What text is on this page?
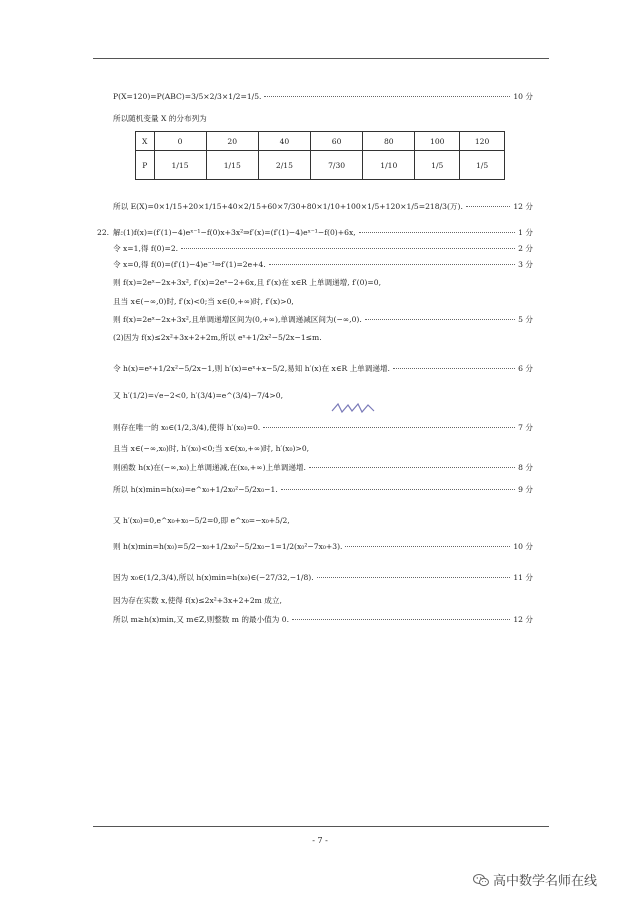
P(X=120)=P(ABC)=3/5×2/3×1/2=1/5.	10 分
所以随机变量 X 的分布列为
X	0	20	40	60	80	100	120
P	1/15	1/15	2/15	7/30	1/10	1/5	1/5
所以 E(X)=0×1/15+20×1/15+40×2/15+60×7/30+80×1/10+100×1/5+120×1/5=218/3(万).	12 分
22. 解:(1)f(x)=(f′(1)−4)eˣ⁻¹−f(0)x+3x²⇒f′(x)=(f′(1)−4)eˣ⁻¹−f(0)+6x,	1 分
令 x=1,得 f(0)=2.	2 分
令 x=0,得 f(0)=(f′(1)−4)e⁻¹⇒f′(1)=2e+4.	3 分
则 f(x)=2eˣ−2x+3x², f′(x)=2eˣ−2+6x,且 f′(x)在 x∈R 上单调递增, f′(0)=0,
且当 x∈(−∞,0)时, f′(x)<0;当 x∈(0,+∞)时, f′(x)>0,
则 f(x)=2eˣ−2x+3x²,且单调递增区间为(0,+∞),单调递减区间为(−∞,0).	5 分
(2)因为 f(x)≤2x²+3x+2+2m,所以 eˣ+1/2x²−5/2x−1≤m.
令 h(x)=eˣ+1/2x²−5/2x−1,则 h′(x)=eˣ+x−5/2,易知 h′(x)在 x∈R 上单调递增.	6 分
又 h′(1/2)=√e−2<0, h′(3/4)=e^(3/4)−7/4>0,
则存在唯一的 x₀∈(1/2,3/4),使得 h′(x₀)=0.	7 分
且当 x∈(−∞,x₀)时, h′(x₀)<0;当 x∈(x₀,+∞)时, h′(x₀)>0,
则函数 h(x)在(−∞,x₀)上单调递减,在(x₀,+∞)上单调递增.	8 分
所以 h(x)min=h(x₀)=e^x₀+1/2x₀²−5/2x₀−1.	9 分
又 h′(x₀)=0,e^x₀+x₀−5/2=0,即 e^x₀=−x₀+5/2,
则 h(x)min=h(x₀)=5/2−x₀+1/2x₀²−5/2x₀−1=1/2(x₀²−7x₀+3).	10 分
因为 x₀∈(1/2,3/4),所以 h(x)min=h(x₀)∈(−27/32,−1/8).	11 分
因为存在实数 x,使得 f(x)≤2x²+3x+2+2m 成立,
所以 m≥h(x)min,又 m∈Z,则整数 m 的最小值为 0.	12 分
- 7 -
高中数学名师在线
